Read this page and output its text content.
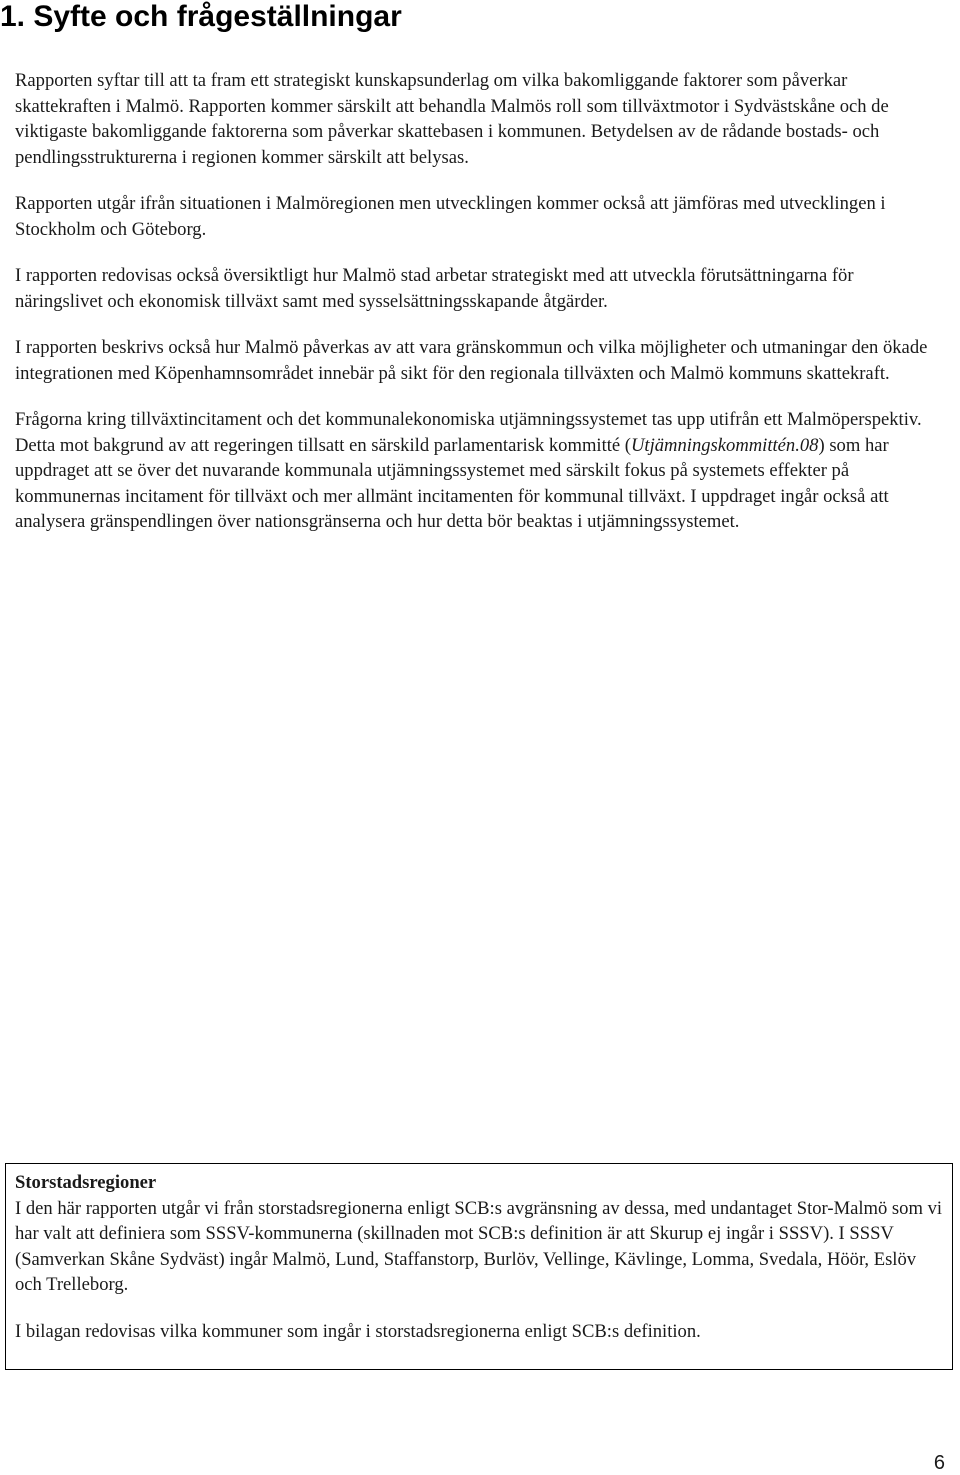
1. Syfte och frågeställningar

Rapporten syftar till att ta fram ett strategiskt kunskapsunderlag om vilka bakomliggande faktorer som påverkar skattekraften i Malmö. Rapporten kommer särskilt att behandla Malmös roll som tillväxtmotor i Sydvästskåne och de viktigaste bakomliggande faktorerna som påverkar skattebasen i kommunen. Betydelsen av de rådande bostads- och pendlingsstrukturerna i regionen kommer särskilt att belysas.

Rapporten utgår ifrån situationen i Malmöregionen men utvecklingen kommer också att jämföras med utvecklingen i Stockholm och Göteborg.

I rapporten redovisas också översiktligt hur Malmö stad arbetar strategiskt med att utveckla förutsättningarna för näringslivet och ekonomisk tillväxt samt med sysselsättningsskapande åtgärder.

I rapporten beskrivs också hur Malmö påverkas av att vara gränskommun och vilka möjligheter och utmaningar den ökade integrationen med Köpenhamnsområdet innebär på sikt för den regionala tillväxten och Malmö kommuns skattekraft.

Frågorna kring tillväxtincitament och det kommunalekonomiska utjämningssystemet tas upp utifrån ett Malmöperspektiv. Detta mot bakgrund av att regeringen tillsatt en särskild parlamentarisk kommitté (Utjämningskommittén.08) som har uppdraget att se över det nuvarande kommunala utjämningssystemet med särskilt fokus på systemets effekter på kommunernas incitament för tillväxt och mer allmänt incitamenten för kommunal tillväxt. I uppdraget ingår också att analysera gränspendlingen över nationsgränserna och hur detta bör beaktas i utjämningssystemet.

Storstadsregioner

I den här rapporten utgår vi från storstadsregionerna enligt SCB:s avgränsning av dessa, med undantaget Stor-Malmö som vi har valt att definiera som SSSV-kommunerna (skillnaden mot SCB:s definition är att Skurup ej ingår i SSSV). I SSSV (Samverkan Skåne Sydväst) ingår Malmö, Lund, Staffanstorp, Burlöv, Vellinge, Kävlinge, Lomma, Svedala, Höör, Eslöv och Trelleborg.

I bilagan redovisas vilka kommuner som ingår i storstadsregionerna enligt SCB:s definition.

6
